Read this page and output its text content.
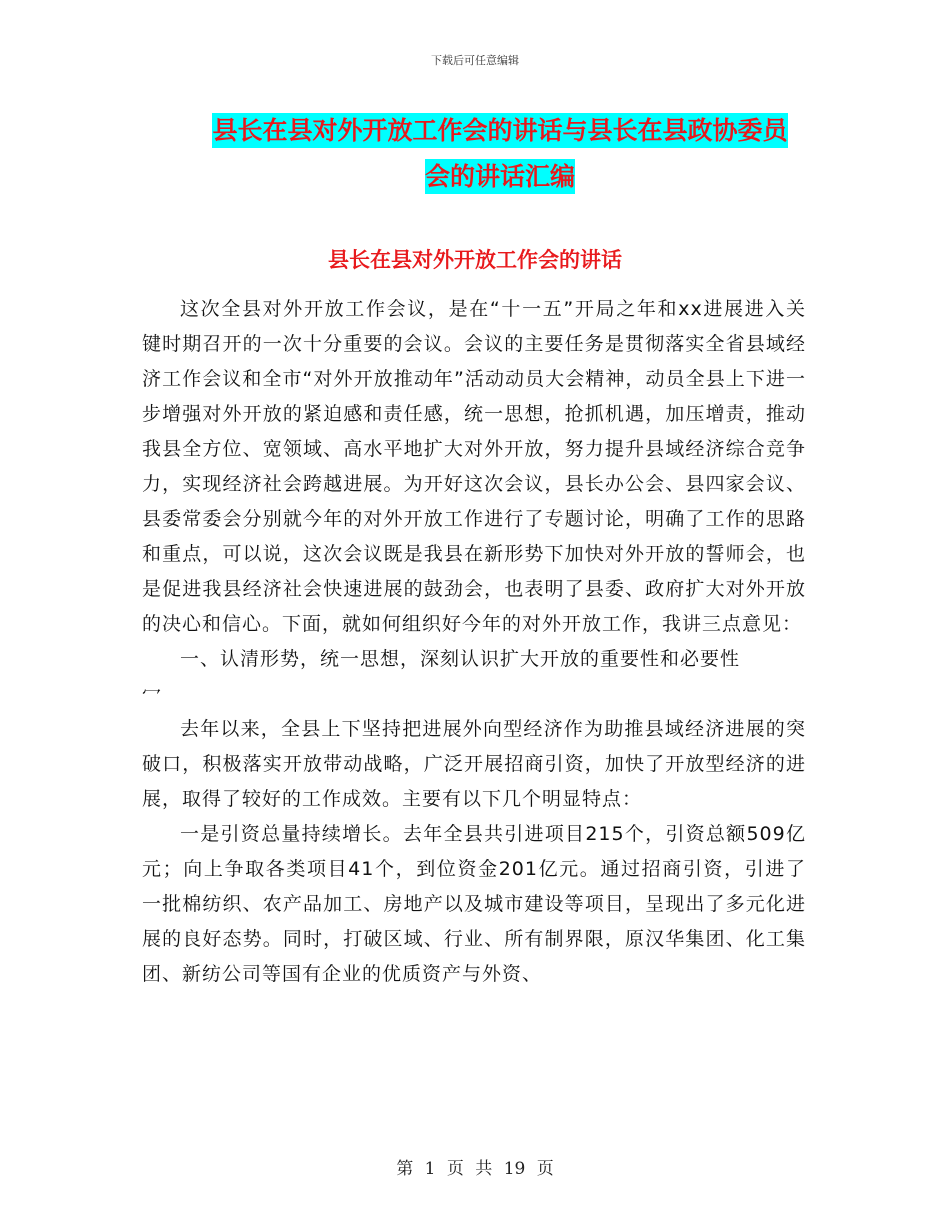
下载后可任意编辑
县长在县对外开放工作会的讲话与县长在县政协委员
会的讲话汇编
县长在县对外开放工作会的讲话

这次全县对外开放工作会议，是在“十一五”开局之年和xx进展进入关键时期召开的一次十分重要的会议。会议的主要任务是贯彻落实全省县域经济工作会议和全市“对外开放推动年”活动动员大会精神，动员全县上下进一步增强对外开放的紧迫感和责任感，统一思想，抢抓机遇，加压增责，推动我县全方位、宽领域、高水平地扩大对外开放，努力提升县域经济综合竞争力，实现经济社会跨越进展。为开好这次会议，县长办公会、县四家会议、县委常委会分别就今年的对外开放工作进行了专题讨论，明确了工作的思路和重点，可以说，这次会议既是我县在新形势下加快对外开放的誓师会，也是促进我县经济社会快速进展的鼓劲会，也表明了县委、政府扩大对外开放的决心和信心。下面，就如何组织好今年的对外开放工作，我讲三点意见：

一、认清形势，统一思想，深刻认识扩大开放的重要性和必要性

冖

去年以来，全县上下坚持把进展外向型经济作为助推县域经济进展的突破口，积极落实开放带动战略，广泛开展招商引资，加快了开放型经济的进展，取得了较好的工作成效。主要有以下几个明显特点：

一是引资总量持续增长。去年全县共引进项目215个，引资总额509亿元；向上争取各类项目41个，到位资金201亿元。通过招商引资，引进了一批棉纺织、农产品加工、房地产以及城市建设等项目，呈现出了多元化进展的良好态势。同时，打破区域、行业、所有制界限，原汉华集团、化工集团、新纺公司等国有企业的优质资产与外资、

第 1 页 共 19 页
